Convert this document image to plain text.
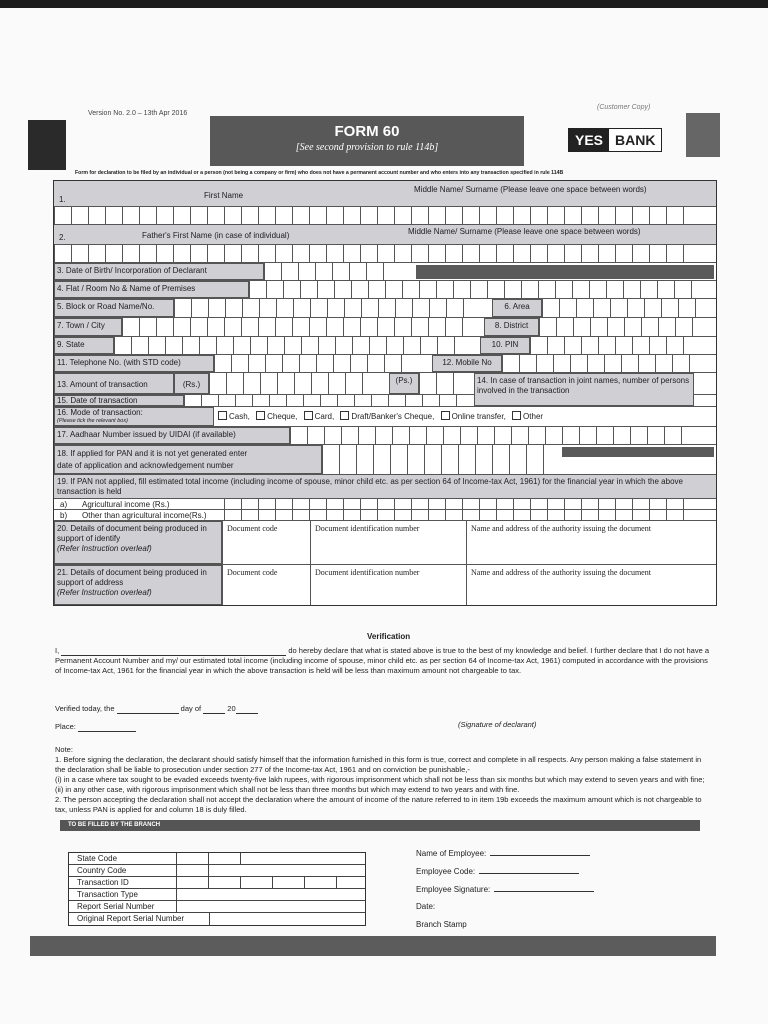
Version No. 2.0 – 13th Apr 2016
(Customer Copy)
FORM 60
[See second provision to rule 114b]	YES BANK
Form for declaration to be filed by an individual or a person (not being a company or firm) who does not have a permanent account number and who enters into any transaction specified in rule 114B
1.	First Name
Middle Name/ Surname (Please leave one space between words)
2.	Father's First Name (in case of individual)	Middle Name/ Surname (Please leave one space between words)
3. Date of Birth/ Incorporation of Declarant
4. Flat / Room No & Name of Premises
5. Block or Road Name/No.	6. Area
7. Town / City	8. District
9. State	10. PIN
11. Telephone No. (with STD code)	12. Mobile No
13. Amount of transaction	(Rs.)	(Ps.)	14. In case of transaction in joint names, number of persons involved in the transaction
15. Date of transaction
16. Mode of transaction:
(Please tick the relevant box)	Cash, Cheque, Card, Draft/Banker's Cheque, Online transfer, Other
17. Aadhaar Number issued by UIDAI (if available)
18. If applied for PAN and it is not yet generated enter
date of application and acknowledgement number
19. If PAN not applied, fill estimated total income (including income of spouse, minor child etc. as per section 64 of Income-tax Act, 1961) for the financial year in which the above transaction is held
a) Agricultural income (Rs.)
b) Other than agricultural income(Rs.)
20. Details of document being produced in support of identify
(Refer Instruction overleaf)
Document code	Document identification number	Name and address of the authority issuing the document
21. Details of document being produced in support of address
(Refer Instruction overleaf)
Document code	Document identification number	Name and address of the authority issuing the document
Verification
I,	do hereby declare that what is stated above is true to the best of my knowledge and belief. I further declare that I do not have a Permanent Account Number and my/ our estimated total income (including income of spouse, minor child etc. as per section 64 of Income-tax Act, 1961) computed in accordance with the provisions of Income-tax Act, 1961 for the financial year in which the above transaction is held will be less than maximum amount not chargeable to tax.
Verified today, the	day of	20
Place:	(Signature of declarant)
Note:
1. Before signing the declaration, the declarant should satisfy himself that the information furnished in this form is true, correct and complete in all respects. Any person making a false statement in the declaration shall be liable to prosecution under section 277 of the Income-tax Act, 1961 and on conviction be punishable,-
(i) in a case where tax sought to be evaded exceeds twenty-five lakh rupees, with rigorous imprisonment which shall not be less than six months but which may extend to seven years and with fine;
(ii) in any other case, with rigorous imprisonment which shall not be less than three months but which may extend to two years and with fine.
2. The person accepting the declaration shall not accept the declaration where the amount of income of the nature referred to in item 19b exceeds the maximum amount which is not chargeable to tax, unless PAN is applied for and column 18 is duly filled.
TO BE FILLED BY THE BRANCH
State Code
Country Code
Transaction ID
Transaction Type
Report Serial Number
Original Report Serial Number
Name of Employee:
Employee Code:
Employee Signature:
Date:
Branch Stamp
